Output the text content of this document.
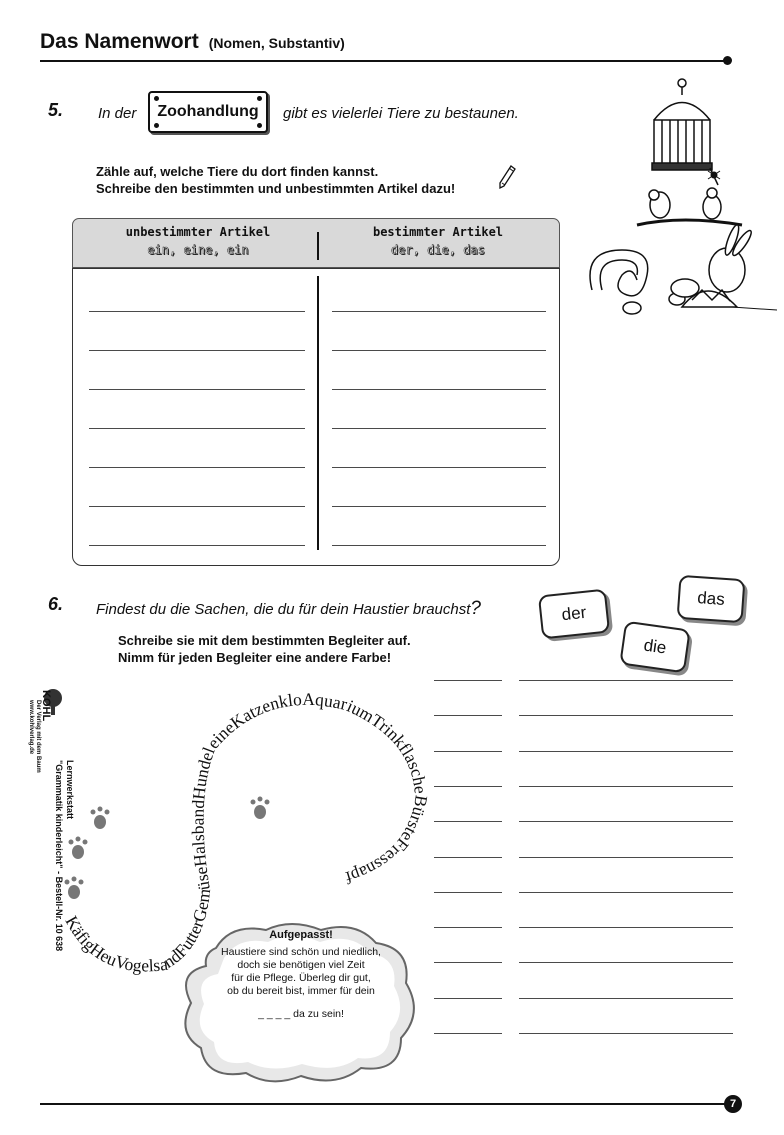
Das Namenwort (Nomen, Substantiv)
5. In der Zoohandlung gibt es vielerlei Tiere zu bestaunen.
Zähle auf, welche Tiere du dort finden kannst.
Schreibe den bestimmten und unbestimmten Artikel dazu!
unbestimmter Artikel
ein, eine, ein
bestimmter Artikel
der, die, das
6. Findest du die Sachen, die du für dein Haustier brauchst?
Schreibe sie mit dem bestimmten Begleiter auf.
Nimm für jeden Begleiter eine andere Farbe!
der
das
die
KOHL
Der Verlag mit dem Baum
www.kohlverlag.de
Lernwerkstatt
"Grammatik kinderleicht" - Bestell-Nr. 10 638
KäfigHeuVogelsandFutterGemüseHalsbandHundeleineKatzenkloAquariumTrinkflascheBürsteFressnapf
Aufgepasst!
Haustiere sind schön und niedlich,
doch sie benötigen viel Zeit
für die Pflege. Überleg dir gut,
ob du bereit bist, immer für dein
_ _ _ _ da zu sein!
7
